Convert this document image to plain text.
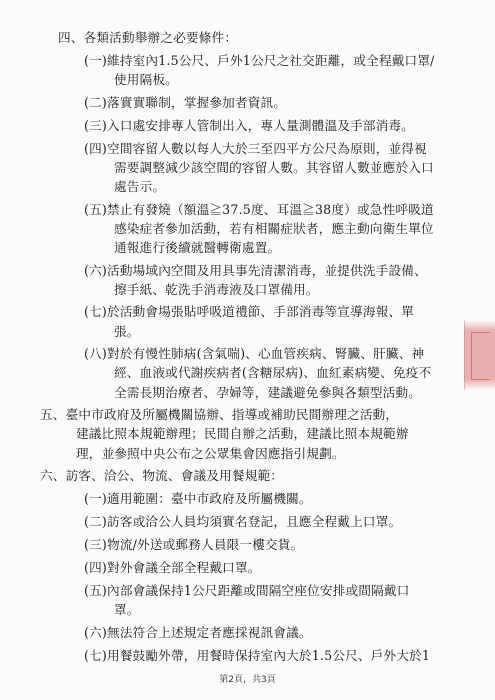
四、各類活動舉辦之必要條件：
(一)維持室內1.5公尺、戶外1公尺之社交距離，或全程戴口罩/
使用隔板。
(二)落實實聯制，掌握參加者資訊。
(三)入口處安排專人管制出入，專人量測體溫及手部消毒。
(四)空間容留人數以每人大於三至四平方公尺為原則，並得視
需要調整減少該空間的容留人數。其容留人數並應於入口
處告示。
(五)禁止有發燒（額溫≧37.5度、耳溫≧38度）或急性呼吸道
感染症者參加活動，若有相關症狀者，應主動向衛生單位
通報進行後續就醫轉衛處置。
(六)活動場域內空間及用具事先清潔消毒，並提供洗手設備、
擦手紙、乾洗手消毒液及口罩備用。
(七)於活動會場張貼呼吸道禮節、手部消毒等宣導海報、單
張。
(八)對於有慢性肺病(含氣喘)、心血管疾病、腎臟、肝臟、神
經、血液或代謝疾病者(含糖尿病)、血紅素病變、免疫不
全需長期治療者、孕婦等，建議避免參與各類型活動。
五、臺中市政府及所屬機關協辦、指導或補助民間辦理之活動，
建議比照本規範辦理；民間自辦之活動，建議比照本規範辦
理，並參照中央公布之公眾集會因應指引規劃。
六、訪客、洽公、物流、會議及用餐規範：
(一)適用範圍：臺中市政府及所屬機關。
(二)訪客或洽公人員均須實名登記，且應全程戴上口罩。
(三)物流/外送或郵務人員限一樓交貨。
(四)對外會議全部全程戴口罩。
(五)內部會議保持1公尺距離或間隔空座位安排或間隔戴口
罩。
(六)無法符合上述規定者應採視訊會議。
(七)用餐鼓勵外帶，用餐時保持室內大於1.5公尺、戶外大於1
第2頁，共3頁
